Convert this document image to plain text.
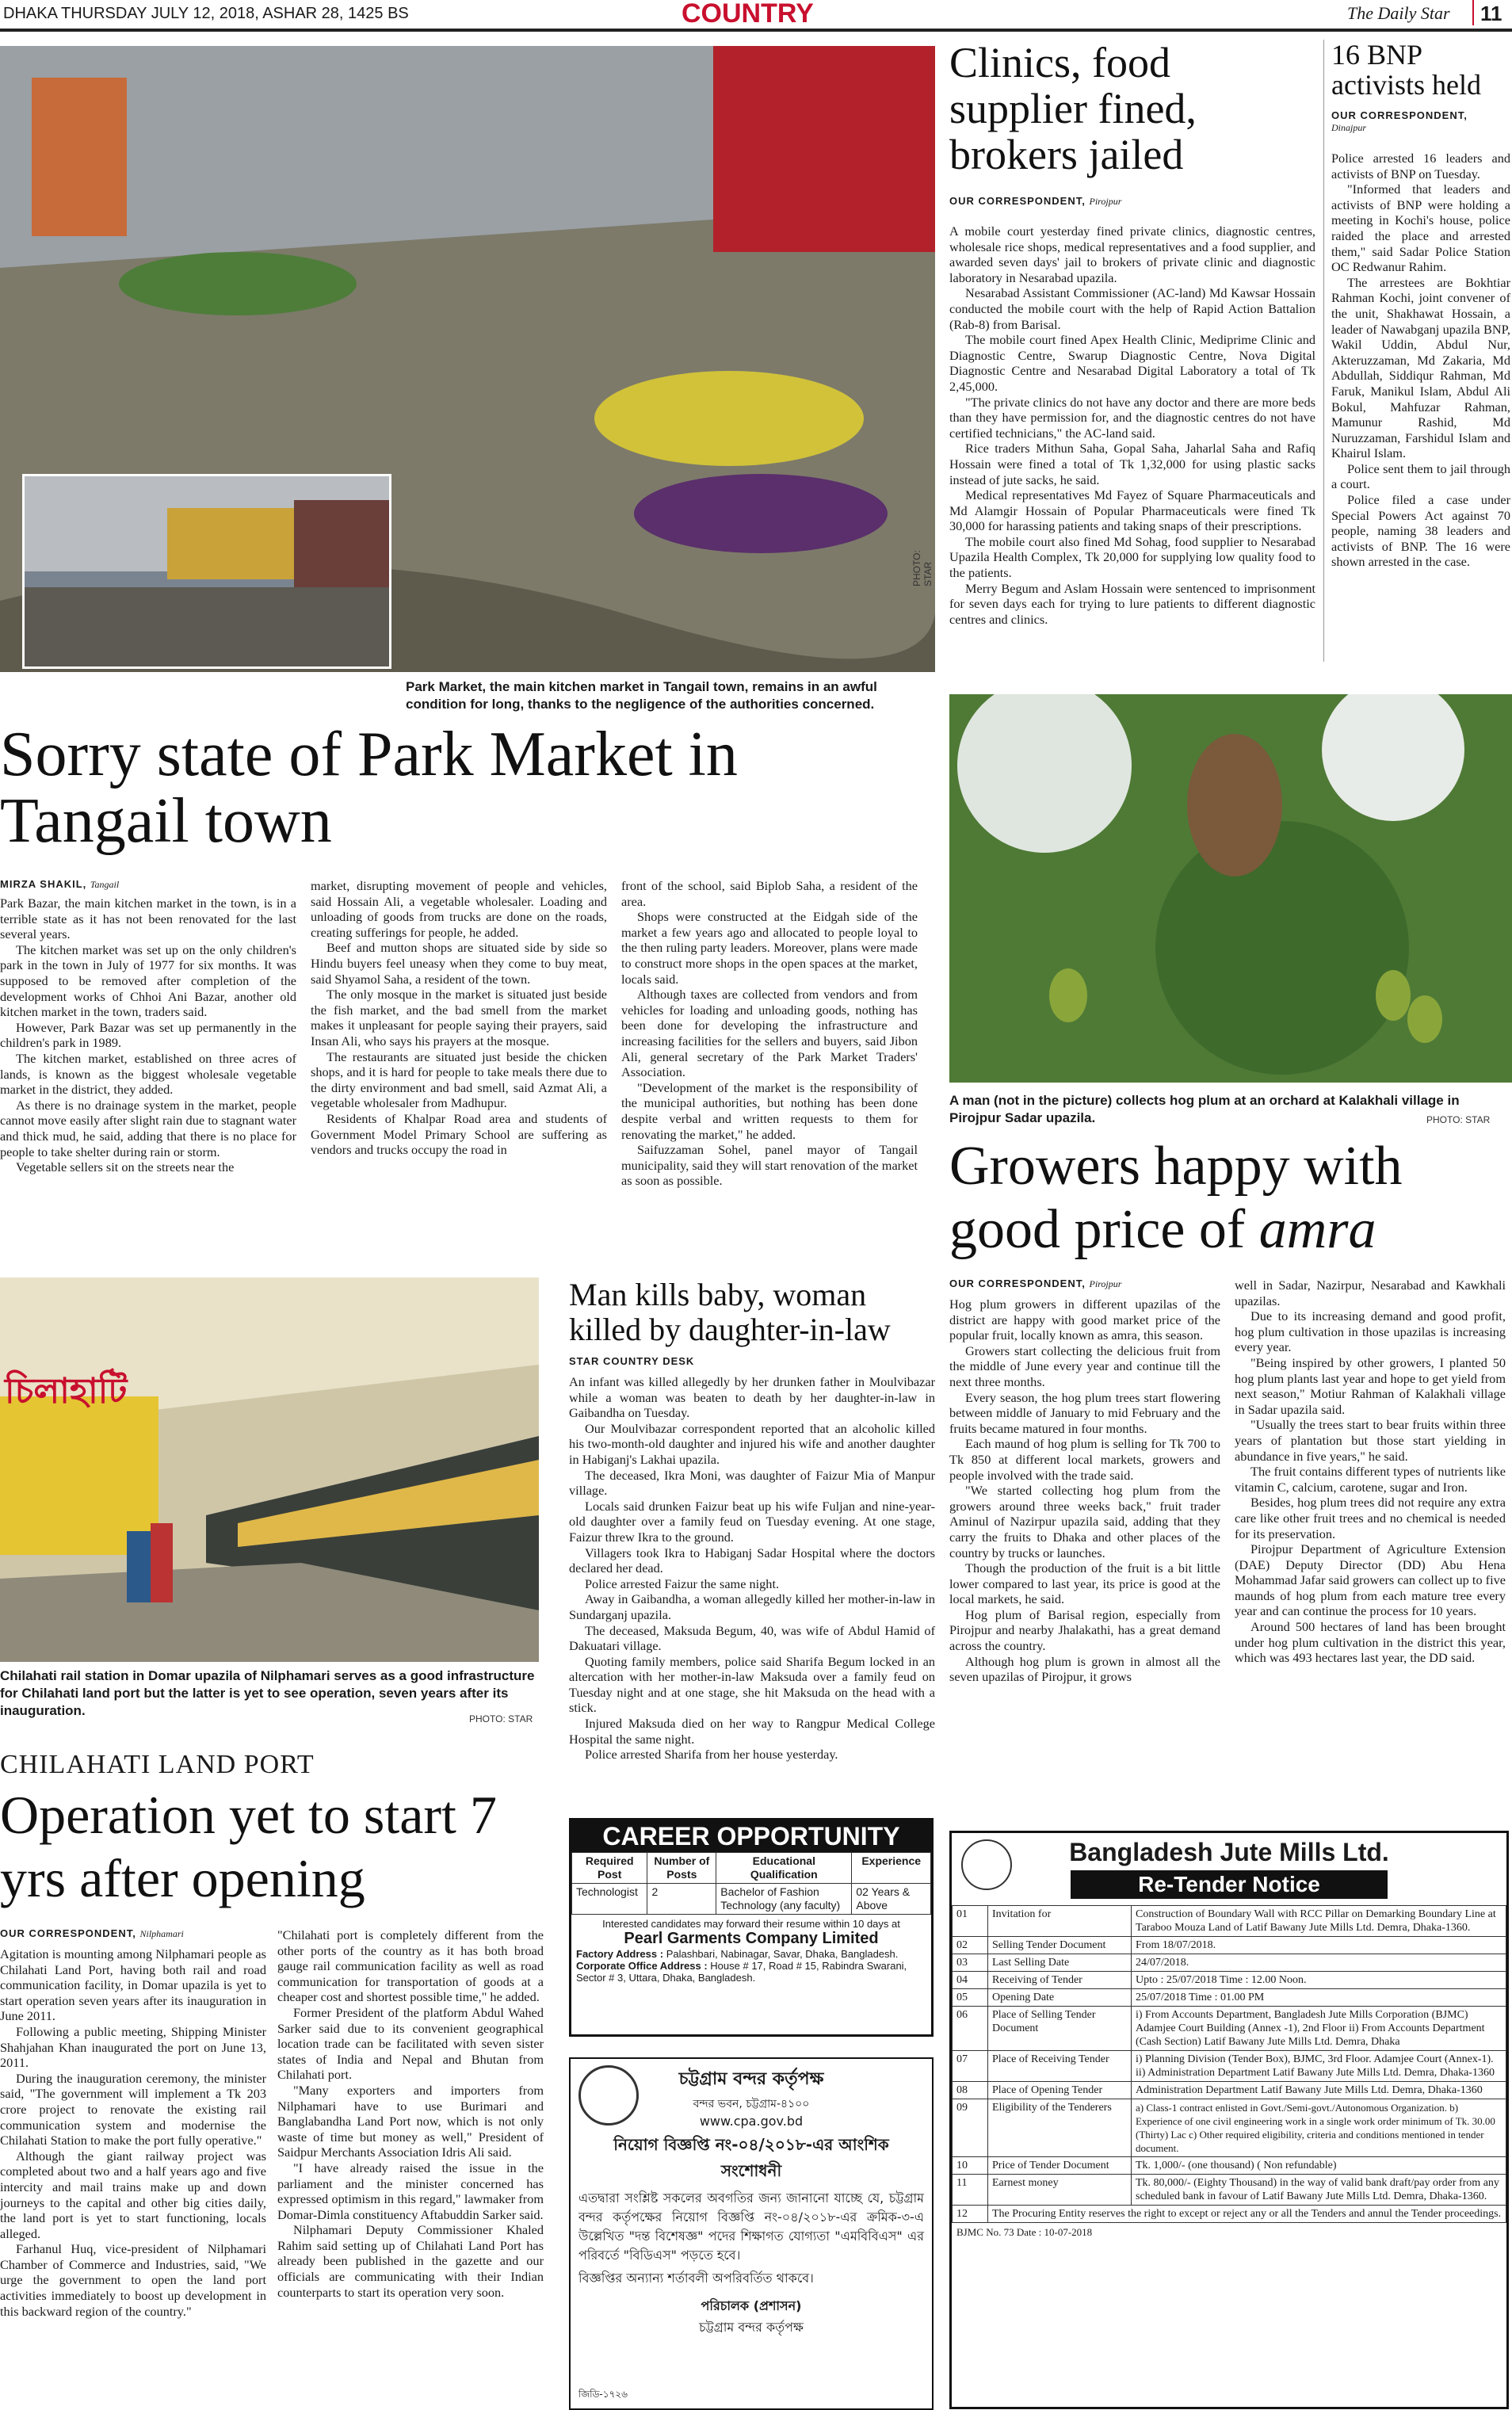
DHAKA THURSDAY JULY 12, 2018, ASHAR 28, 1425 BS	COUNTRY	The Daily Star 11
PHOTO: STAR
Park Market, the main kitchen market in Tangail town, remains in an awful condition for long, thanks to the negligence of the authorities concerned.
Sorry state of Park Market in Tangail town
MIRZA SHAKIL, Tangail

Park Bazar, the main kitchen market in the town, is in a terrible state as it has not been renovated for the last several years.

The kitchen market was set up on the only children's park in the town in July of 1977 for six months. It was supposed to be removed after completion of the development works of Chhoi Ani Bazar, another old kitchen market in the town, traders said.

However, Park Bazar was set up permanently in the children's park in 1989.

The kitchen market, established on three acres of lands, is known as the biggest wholesale vegetable market in the district, they added.

As there is no drainage system in the market, people cannot move easily after slight rain due to stagnant water and thick mud, he said, adding that there is no place for people to take shelter during rain or storm.

Vegetable sellers sit on the streets near the

market, disrupting movement of people and vehicles, said Hossain Ali, a vegetable wholesaler. Loading and unloading of goods from trucks are done on the roads, creating sufferings for people, he added.

Beef and mutton shops are situated side by side so Hindu buyers feel uneasy when they come to buy meat, said Shyamol Saha, a resident of the town.

The only mosque in the market is situated just beside the fish market, and the bad smell from the market makes it unpleasant for people saying their prayers, said Insan Ali, who says his prayers at the mosque.

The restaurants are situated just beside the chicken shops, and it is hard for people to take meals there due to the dirty environment and bad smell, said Azmat Ali, a vegetable wholesaler from Madhupur.

Residents of Khalpar Road area and students of Government Model Primary School are suffering as vendors and trucks occupy the road in

front of the school, said Biplob Saha, a resident of the area.

Shops were constructed at the Eidgah side of the market a few years ago and allocated to people loyal to the then ruling party leaders. Moreover, plans were made to construct more shops in the open spaces at the market, locals said.

Although taxes are collected from vendors and from vehicles for loading and unloading goods, nothing has been done for developing the infrastructure and increasing facilities for the sellers and buyers, said Jibon Ali, general secretary of the Park Market Traders' Association.

"Development of the market is the responsibility of the municipal authorities, but nothing has been done despite verbal and written requests to them for renovating the market," he added.

Saifuzzaman Sohel, panel mayor of Tangail municipality, said they will start renovation of the market as soon as possible.

Clinics, food supplier fined, brokers jailed
OUR CORRESPONDENT, Pirojpur

A mobile court yesterday fined private clinics, diagnostic centres, wholesale rice shops, medical representatives and a food supplier, and awarded seven days' jail to brokers of private clinic and diagnostic laboratory in Nesarabad upazila.

Nesarabad Assistant Commissioner (AC-land) Md Kawsar Hossain conducted the mobile court with the help of Rapid Action Battalion (Rab-8) from Barisal.

The mobile court fined Apex Health Clinic, Mediprime Clinic and Diagnostic Centre, Swarup Diagnostic Centre, Nova Digital Diagnostic Centre and Nesarabad Digital Laboratory a total of Tk 2,45,000.

"The private clinics do not have any doctor and there are more beds than they have permission for, and the diagnostic centres do not have certified technicians," the AC-land said.

Rice traders Mithun Saha, Gopal Saha, Jaharlal Saha and Rafiq Hossain were fined a total of Tk 1,32,000 for using plastic sacks instead of jute sacks, he said.

Medical representatives Md Fayez of Square Pharmaceuticals and Md Alamgir Hossain of Popular Pharmaceuticals were fined Tk 30,000 for harassing patients and taking snaps of their prescriptions.

The mobile court also fined Md Sohag, food supplier to Nesarabad Upazila Health Complex, Tk 20,000 for supplying low quality food to the patients.

Merry Begum and Aslam Hossain were sentenced to imprisonment for seven days each for trying to lure patients to different diagnostic centres and clinics.

16 BNP activists held
OUR CORRESPONDENT,
Dinajpur

Police arrested 16 leaders and activists of BNP on Tuesday.

"Informed that leaders and activists of BNP were holding a meeting in Kochi's house, police raided the place and arrested them," said Sadar Police Station OC Redwanur Rahim.

The arrestees are Bokhtiar Rahman Kochi, joint convener of the unit, Shakhawat Hossain, a leader of Nawabganj upazila BNP, Wakil Uddin, Abdul Nur, Akteruzzaman, Md Zakaria, Md Abdullah, Siddiqur Rahman, Md Faruk, Manikul Islam, Abdul Ali Bokul, Mahfuzar Rahman, Mamunur Rashid, Md Nuruzzaman, Farshidul Islam and Khairul Islam.

Police sent them to jail through a court.

Police filed a case under Special Powers Act against 70 people, naming 38 leaders and activists of BNP. The 16 were shown arrested in the case.

A man (not in the picture) collects hog plum at an orchard at Kalakhali village in Pirojpur Sadar upazila.	PHOTO: STAR
Growers happy with good price of amra
OUR CORRESPONDENT, Pirojpur

Hog plum growers in different upazilas of the district are happy with good market price of the popular fruit, locally known as amra, this season.

Growers start collecting the delicious fruit from the middle of June every year and continue till the next three months.

Every season, the hog plum trees start flowering between middle of January to mid February and the fruits became matured in four months.

Each maund of hog plum is selling for Tk 700 to Tk 850 at different local markets, growers and people involved with the trade said.

"We started collecting hog plum from the growers around three weeks back," fruit trader Aminul of Nazirpur upazila said, adding that they carry the fruits to Dhaka and other places of the country by trucks or launches.

Though the production of the fruit is a bit little lower compared to last year, its price is good at the local markets, he said.

Hog plum of Barisal region, especially from Pirojpur and nearby Jhalakathi, has a great demand across the country.

Although hog plum is grown in almost all the seven upazilas of Pirojpur, it grows

well in Sadar, Nazirpur, Nesarabad and Kawkhali upazilas.

Due to its increasing demand and good profit, hog plum cultivation in those upazilas is increasing every year.

"Being inspired by other growers, I planted 50 hog plum plants last year and hope to get yield from next season," Motiur Rahman of Kalakhali village in Sadar upazila said.

"Usually the trees start to bear fruits within three years of plantation but those start yielding in abundance in five years," he said.

The fruit contains different types of nutrients like vitamin C, calcium, carotene, sugar and Iron.

Besides, hog plum trees did not require any extra care like other fruit trees and no chemical is needed for its preservation.

Pirojpur Department of Agriculture Extension (DAE) Deputy Director (DD) Abu Hena Mohammad Jafar said growers can collect up to five maunds of hog plum from each mature tree every year and can continue the process for 10 years.

Around 500 hectares of land has been brought under hog plum cultivation in the district this year, which was 493 hectares last year, the DD said.

চিলাহাটি
Chilahati rail station in Domar upazila of Nilphamari serves as a good infrastructure for Chilahati land port but the latter is yet to see operation, seven years after its inauguration.
PHOTO: STAR
CHILAHATI LAND PORT
Operation yet to start 7 yrs after opening
OUR CORRESPONDENT, Nilphamari

Agitation is mounting among Nilphamari people as Chilahati Land Port, having both rail and road communication facility, in Domar upazila is yet to start operation seven years after its inauguration in June 2011.

Following a public meeting, Shipping Minister Shahjahan Khan inaugurated the port on June 13, 2011.

During the inauguration ceremony, the minister said, "The government will implement a Tk 203 crore project to renovate the existing rail communication system and modernise the Chilahati Station to make the port fully operative."

Although the giant railway project was completed about two and a half years ago and five intercity and mail trains make up and down journeys to the capital and other big cities daily, the land port is yet to start functioning, locals alleged.

Farhanul Huq, vice-president of Nilphamari Chamber of Commerce and Industries, said, "We urge the government to open the land port activities immediately to boost up development in this backward region of the country."

"Chilahati port is completely different from the other ports of the country as it has both broad gauge rail communication facility as well as road communication for transportation of goods at a cheaper cost and shortest possible time," he added.

Former President of the platform Abdul Wahed Sarker said due to its convenient geographical location trade can be facilitated with seven sister states of India and Nepal and Bhutan from Chilahati port.

"Many exporters and importers from Nilphamari have to use Burimari and Banglabandha Land Port now, which is not only waste of time but money as well," President of Saidpur Merchants Association Idris Ali said.

"I have already raised the issue in the parliament and the minister concerned has expressed optimism in this regard," lawmaker from Domar-Dimla constituency Aftabuddin Sarker said.

Nilphamari Deputy Commissioner Khaled Rahim said setting up of Chilahati Land Port has already been published in the gazette and our officials are communicating with their Indian counterparts to start its operation very soon.

Man kills baby, woman killed by daughter-in-law
STAR COUNTRY DESK

An infant was killed allegedly by her drunken father in Moulvibazar while a woman was beaten to death by her daughter-in-law in Gaibandha on Tuesday.

Our Moulvibazar correspondent reported that an alcoholic killed his two-month-old daughter and injured his wife and another daughter in Habiganj's Lakhai upazila.

The deceased, Ikra Moni, was daughter of Faizur Mia of Manpur village.

Locals said drunken Faizur beat up his wife Fuljan and nine-year-old daughter over a family feud on Tuesday evening. At one stage, Faizur threw Ikra to the ground.

Villagers took Ikra to Habiganj Sadar Hospital where the doctors declared her dead.

Police arrested Faizur the same night.

Away in Gaibandha, a woman allegedly killed her mother-in-law in Sundarganj upazila.

The deceased, Maksuda Begum, 40, was wife of Abdul Hamid of Dakuatari village.

Quoting family members, police said Sharifa Begum locked in an altercation with her mother-in-law Maksuda over a family feud on Tuesday night and at one stage, she hit Maksuda on the head with a stick.

Injured Maksuda died on her way to Rangpur Medical College Hospital the same night.

Police arrested Sharifa from her house yesterday.

CAREER OPPORTUNITY
Required Post	Number of Posts	Educational Qualification	Experience
Technologist	2	Bachelor of Fashion Technology (any faculty)	02 Years & Above
Interested candidates may forward their resume within 10 days at
Pearl Garments Company Limited
Factory Address : Palashbari, Nabinagar, Savar, Dhaka, Bangladesh.
Corporate Office Address : House # 17, Road # 15, Rabindra Swarani, Sector # 3, Uttara, Dhaka, Bangladesh.
চট্টগ্রাম বন্দর কর্তৃপক্ষ
বন্দর ভবন, চট্টগ্রাম-৪১০০
www.cpa.gov.bd
নিয়োগ বিজ্ঞপ্তি নং-০৪/২০১৮-এর আংশিক
সংশোধনী
এতদ্বারা সংশ্লিষ্ট সকলের অবগতির জন্য জানানো যাচ্ছে যে, চট্টগ্রাম বন্দর কর্তৃপক্ষের নিয়োগ বিজ্ঞপ্তি নং-০৪/২০১৮-এর ক্রমিক-৩-এ উল্লেখিত "দন্ত বিশেষজ্ঞ" পদের শিক্ষাগত যোগ্যতা "এমবিবিএস" এর পরিবর্তে "বিডিএস" পড়তে হবে।
বিজ্ঞপ্তির অন্যান্য শর্তাবলী অপরিবর্তিত থাকবে।
পরিচালক (প্রশাসন)
চট্টগ্রাম বন্দর কর্তৃপক্ষ
জিডি-১৭২৬
Bangladesh Jute Mills Ltd.
Re-Tender Notice
01	Invitation for	Construction of Boundary Wall with RCC Pillar on Demarking Boundary Line at Taraboo Mouza Land of Latif Bawany Jute Mills Ltd. Demra, Dhaka-1360.
02	Selling Tender Document	From 18/07/2018.
03	Last Selling Date	24/07/2018.
04	Receiving of Tender	Upto : 25/07/2018 Time : 12.00 Noon.
05	Opening Date	25/07/2018 Time : 01.00 PM
06	Place of Selling Tender Document	i) From Accounts Department, Bangladesh Jute Mills Corporation (BJMC) Adamjee Court Building (Annex -1), 2nd Floor ii) From Accounts Department (Cash Section) Latif Bawany Jute Mills Ltd. Demra, Dhaka
07	Place of Receiving Tender	i) Planning Division (Tender Box), BJMC, 3rd Floor. Adamjee Court (Annex-1). ii) Administration Department Latif Bawany Jute Mills Ltd. Demra, Dhaka-1360
08	Place of Opening Tender	Administration Department Latif Bawany Jute Mills Ltd. Demra, Dhaka-1360
09	Eligibility of the Tenderers	a) Class-1 contract enlisted in Govt./Semi-govt./Autonomous Organization. b) Experience of one civil engineering work in a single work order minimum of Tk. 30.00 (Thirty) Lac c) Other required eligibility, criteria and conditions mentioned in tender document.
10	Price of Tender Document	Tk. 1,000/- (one thousand) ( Non refundable)
11	Earnest money	Tk. 80,000/- (Eighty Thousand) in the way of valid bank draft/pay order from any scheduled bank in favour of Latif Bawany Jute Mills Ltd. Demra, Dhaka-1360.
12	The Procuring Entity reserves the right to except or reject any or all the Tenders and annul the Tender proceedings.	
BJMC No. 73 Date : 10-07-2018
